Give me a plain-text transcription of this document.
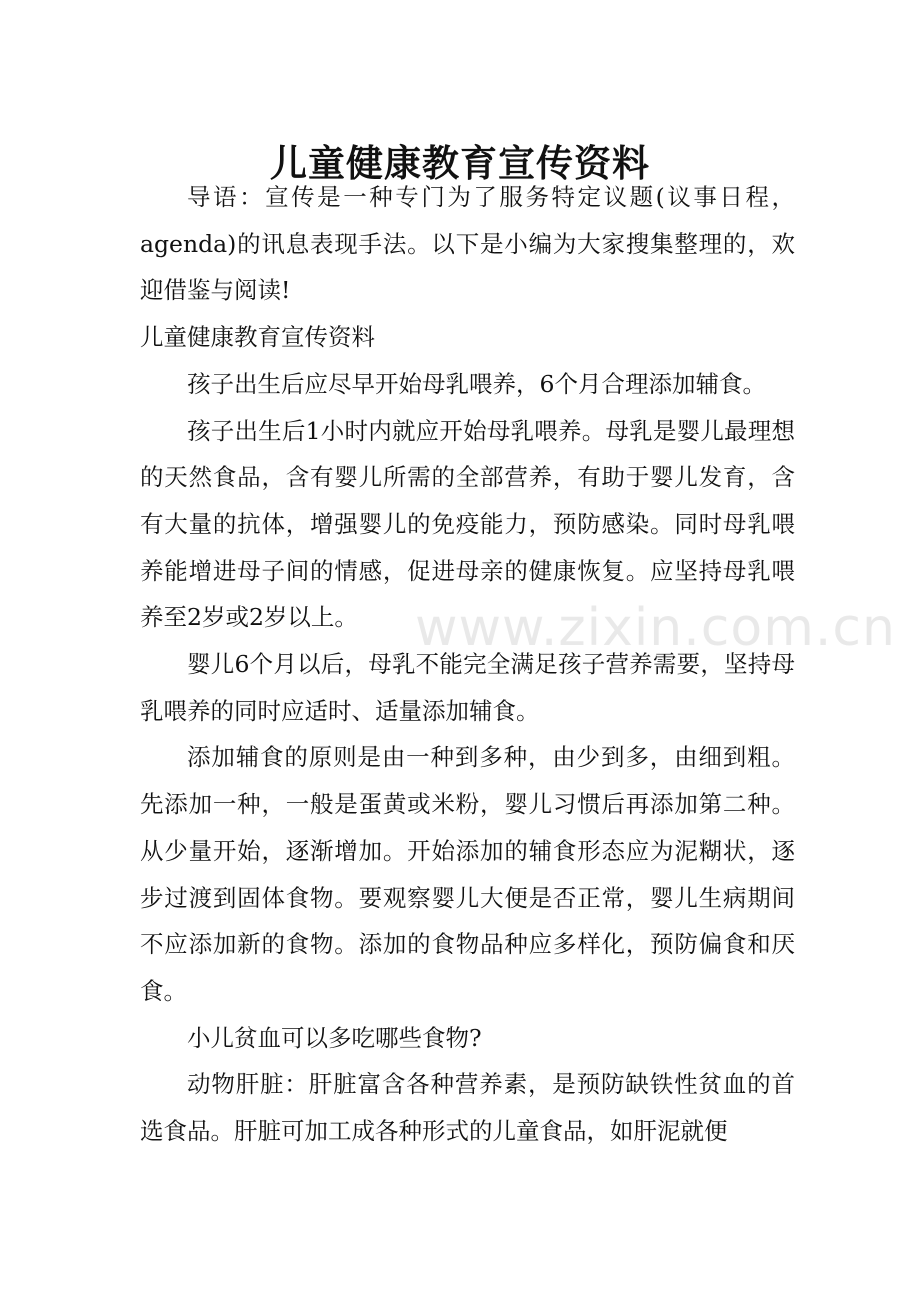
儿童健康教育宣传资料

导语：宣传是一种专门为了服务特定议题(议事日程，agenda)的讯息表现手法。以下是小编为大家搜集整理的，欢迎借鉴与阅读!

儿童健康教育宣传资料

孩子出生后应尽早开始母乳喂养，6个月合理添加辅食。

孩子出生后1小时内就应开始母乳喂养。母乳是婴儿最理想的天然食品，含有婴儿所需的全部营养，有助于婴儿发育，含有大量的抗体，增强婴儿的免疫能力，预防感染。同时母乳喂养能增进母子间的情感，促进母亲的健康恢复。应坚持母乳喂养至2岁或2岁以上。

婴儿6个月以后，母乳不能完全满足孩子营养需要，坚持母乳喂养的同时应适时、适量添加辅食。

添加辅食的原则是由一种到多种，由少到多，由细到粗。先添加一种，一般是蛋黄或米粉，婴儿习惯后再添加第二种。从少量开始，逐渐增加。开始添加的辅食形态应为泥糊状，逐步过渡到固体食物。要观察婴儿大便是否正常，婴儿生病期间不应添加新的食物。添加的食物品种应多样化，预防偏食和厌食。

小儿贫血可以多吃哪些食物?

动物肝脏：肝脏富含各种营养素，是预防缺铁性贫血的首选食品。肝脏可加工成各种形式的儿童食品，如肝泥就便

www.zixin.com.cn
